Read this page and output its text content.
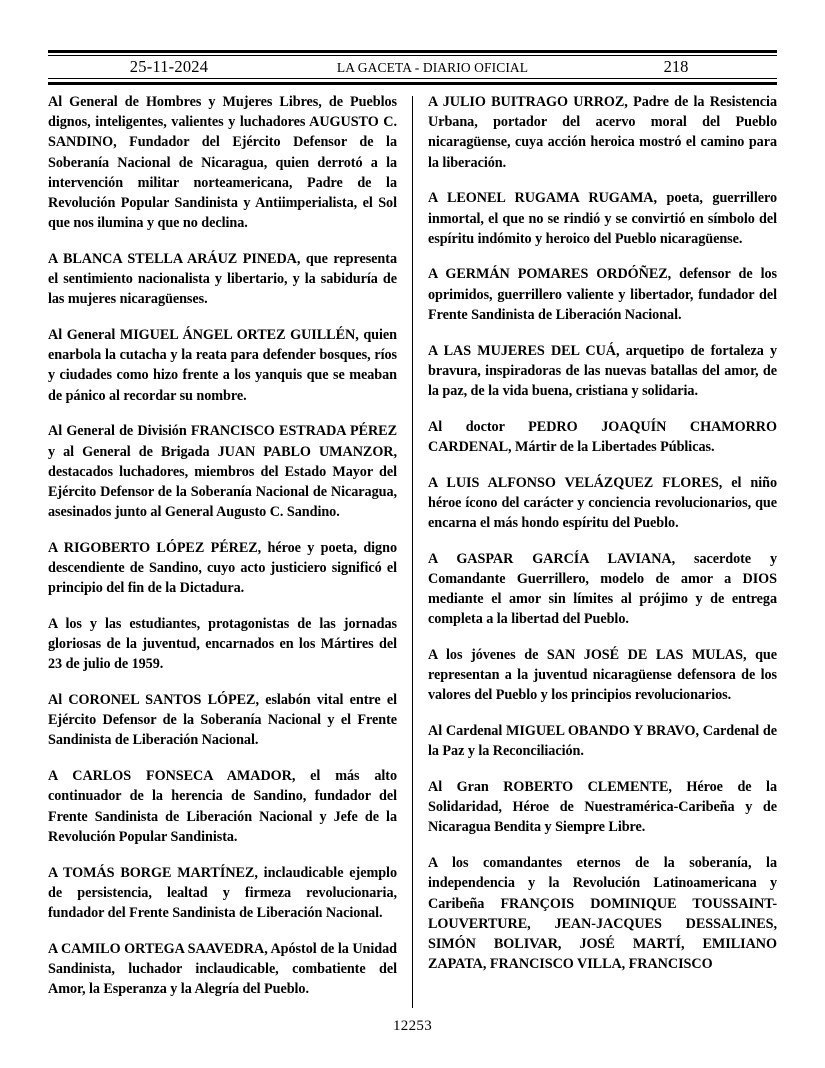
25-11-2024	LA GACETA - DIARIO OFICIAL	218

Al General de Hombres y Mujeres Libres, de Pueblos dignos, inteligentes, valientes y luchadores AUGUSTO C. SANDINO, Fundador del Ejército Defensor de la Soberanía Nacional de Nicaragua, quien derrotó a la intervención militar norteamericana, Padre de la Revolución Popular Sandinista y Antiimperialista, el Sol que nos ilumina y que no declina.

A BLANCA STELLA ARÁUZ PINEDA, que representa el sentimiento nacionalista y libertario, y la sabiduría de las mujeres nicaragüenses.

Al General MIGUEL ÁNGEL ORTEZ GUILLÉN, quien enarbola la cutacha y la reata para defender bosques, ríos y ciudades como hizo frente a los yanquis que se meaban de pánico al recordar su nombre.

Al General de División FRANCISCO ESTRADA PÉREZ y al General de Brigada JUAN PABLO UMANZOR, destacados luchadores, miembros del Estado Mayor del Ejército Defensor de la Soberanía Nacional de Nicaragua, asesinados junto al General Augusto C. Sandino.

A RIGOBERTO LÓPEZ PÉREZ, héroe y poeta, digno descendiente de Sandino, cuyo acto justiciero significó el principio del fin de la Dictadura.

A los y las estudiantes, protagonistas de las jornadas gloriosas de la juventud, encarnados en los Mártires del 23 de julio de 1959.

Al CORONEL SANTOS LÓPEZ, eslabón vital entre el Ejército Defensor de la Soberanía Nacional y el Frente Sandinista de Liberación Nacional.

A CARLOS FONSECA AMADOR, el más alto continuador de la herencia de Sandino, fundador del Frente Sandinista de Liberación Nacional y Jefe de la Revolución Popular Sandinista.

A TOMÁS BORGE MARTÍNEZ, inclaudicable ejemplo de persistencia, lealtad y firmeza revolucionaria, fundador del Frente Sandinista de Liberación Nacional.

A CAMILO ORTEGA SAAVEDRA, Apóstol de la Unidad Sandinista, luchador inclaudicable, combatiente del Amor, la Esperanza y la Alegría del Pueblo.

A JULIO BUITRAGO URROZ, Padre de la Resistencia Urbana, portador del acervo moral del Pueblo nicaragüense, cuya acción heroica mostró el camino para la liberación.

A LEONEL RUGAMA RUGAMA, poeta, guerrillero inmortal, el que no se rindió y se convirtió en símbolo del espíritu indómito y heroico del Pueblo nicaragüense.

A GERMÁN POMARES ORDÓÑEZ, defensor de los oprimidos, guerrillero valiente y libertador, fundador del Frente Sandinista de Liberación Nacional.

A LAS MUJERES DEL CUÁ, arquetipo de fortaleza y bravura, inspiradoras de las nuevas batallas del amor, de la paz, de la vida buena, cristiana y solidaria.

Al doctor PEDRO JOAQUÍN CHAMORRO CARDENAL, Mártir de la Libertades Públicas.

A LUIS ALFONSO VELÁZQUEZ FLORES, el niño héroe ícono del carácter y conciencia revolucionarios, que encarna el más hondo espíritu del Pueblo.

A GASPAR GARCÍA LAVIANA, sacerdote y Comandante Guerrillero, modelo de amor a DIOS mediante el amor sin límites al prójimo y de entrega completa a la libertad del Pueblo.

A los jóvenes de SAN JOSÉ DE LAS MULAS, que representan a la juventud nicaragüense defensora de los valores del Pueblo y los principios revolucionarios.

Al Cardenal MIGUEL OBANDO Y BRAVO, Cardenal de la Paz y la Reconciliación.

Al Gran ROBERTO CLEMENTE, Héroe de la Solidaridad, Héroe de Nuestramérica-Caribeña y de Nicaragua Bendita y Siempre Libre.

A los comandantes eternos de la soberanía, la independencia y la Revolución Latinoamericana y Caribeña FRANÇOIS DOMINIQUE TOUSSAINT-LOUVERTURE, JEAN-JACQUES DESSALINES, SIMÓN BOLIVAR, JOSÉ MARTÍ, EMILIANO ZAPATA, FRANCISCO VILLA, FRANCISCO

12253
